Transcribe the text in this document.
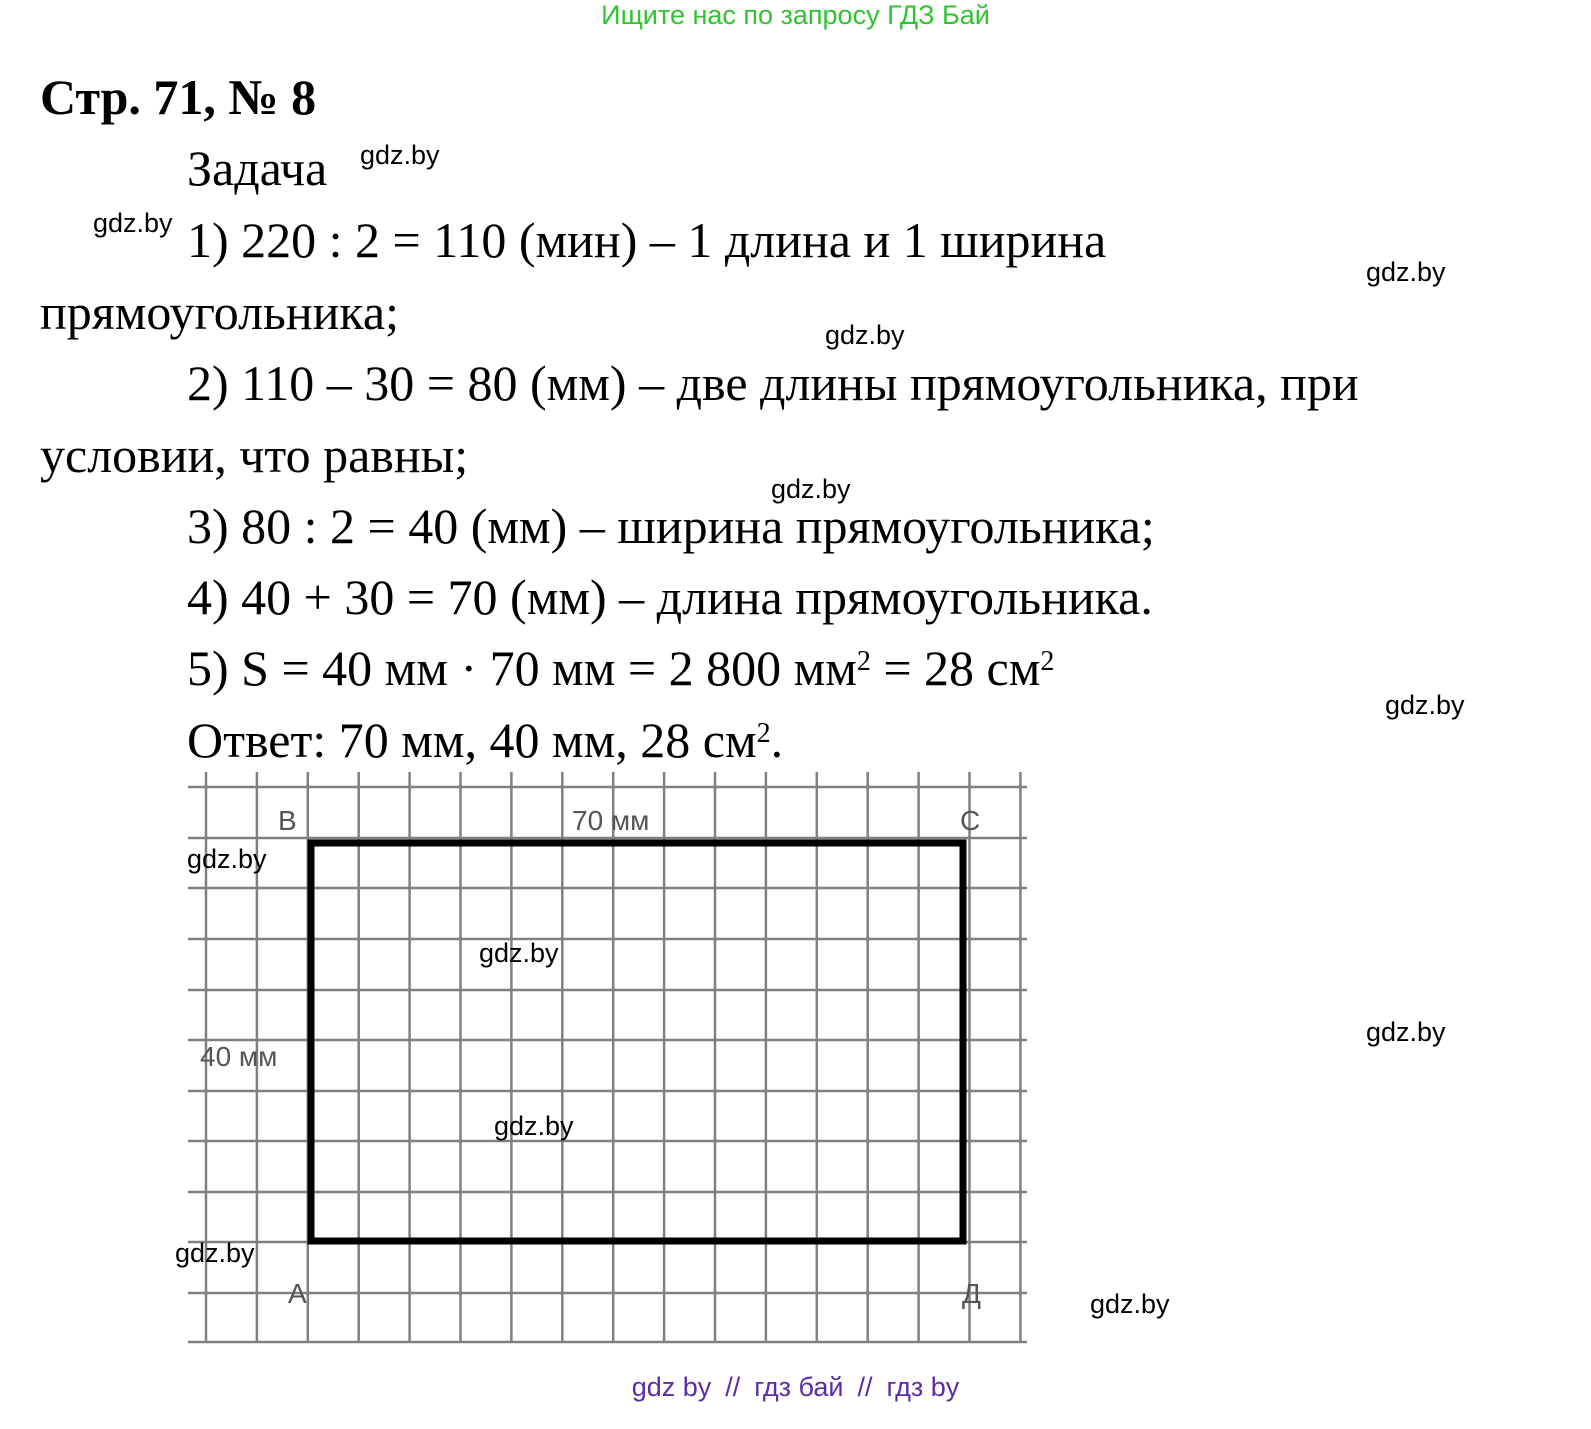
Ищите нас по запросу ГДЗ Бай
Стр. 71, № 8
Задача
1) 220 : 2 = 110 (мин) – 1 длина и 1 ширина
прямоугольника;
2) 110 – 30 = 80 (мм) – две длины прямоугольника, при
условии, что равны;
3) 80 : 2 = 40 (мм) – ширина прямоугольника;
4) 40 + 30 = 70 (мм) – длина прямоугольника.
5) S = 40 мм · 70 мм = 2 800 $мм^2 = 28$ $см^2$
Ответ: 70 мм, 40 мм, 28 $см^2$.
В	С
А	Д
70 мм
40 мм
gdz.by
gdz.by
gdz.by
gdz.by
gdz.by
gdz.by
gdz.by
gdz.by
gdz.by
gdz.by
gdz.by
gdz.by
gdz by // гдз бай // гдз by
